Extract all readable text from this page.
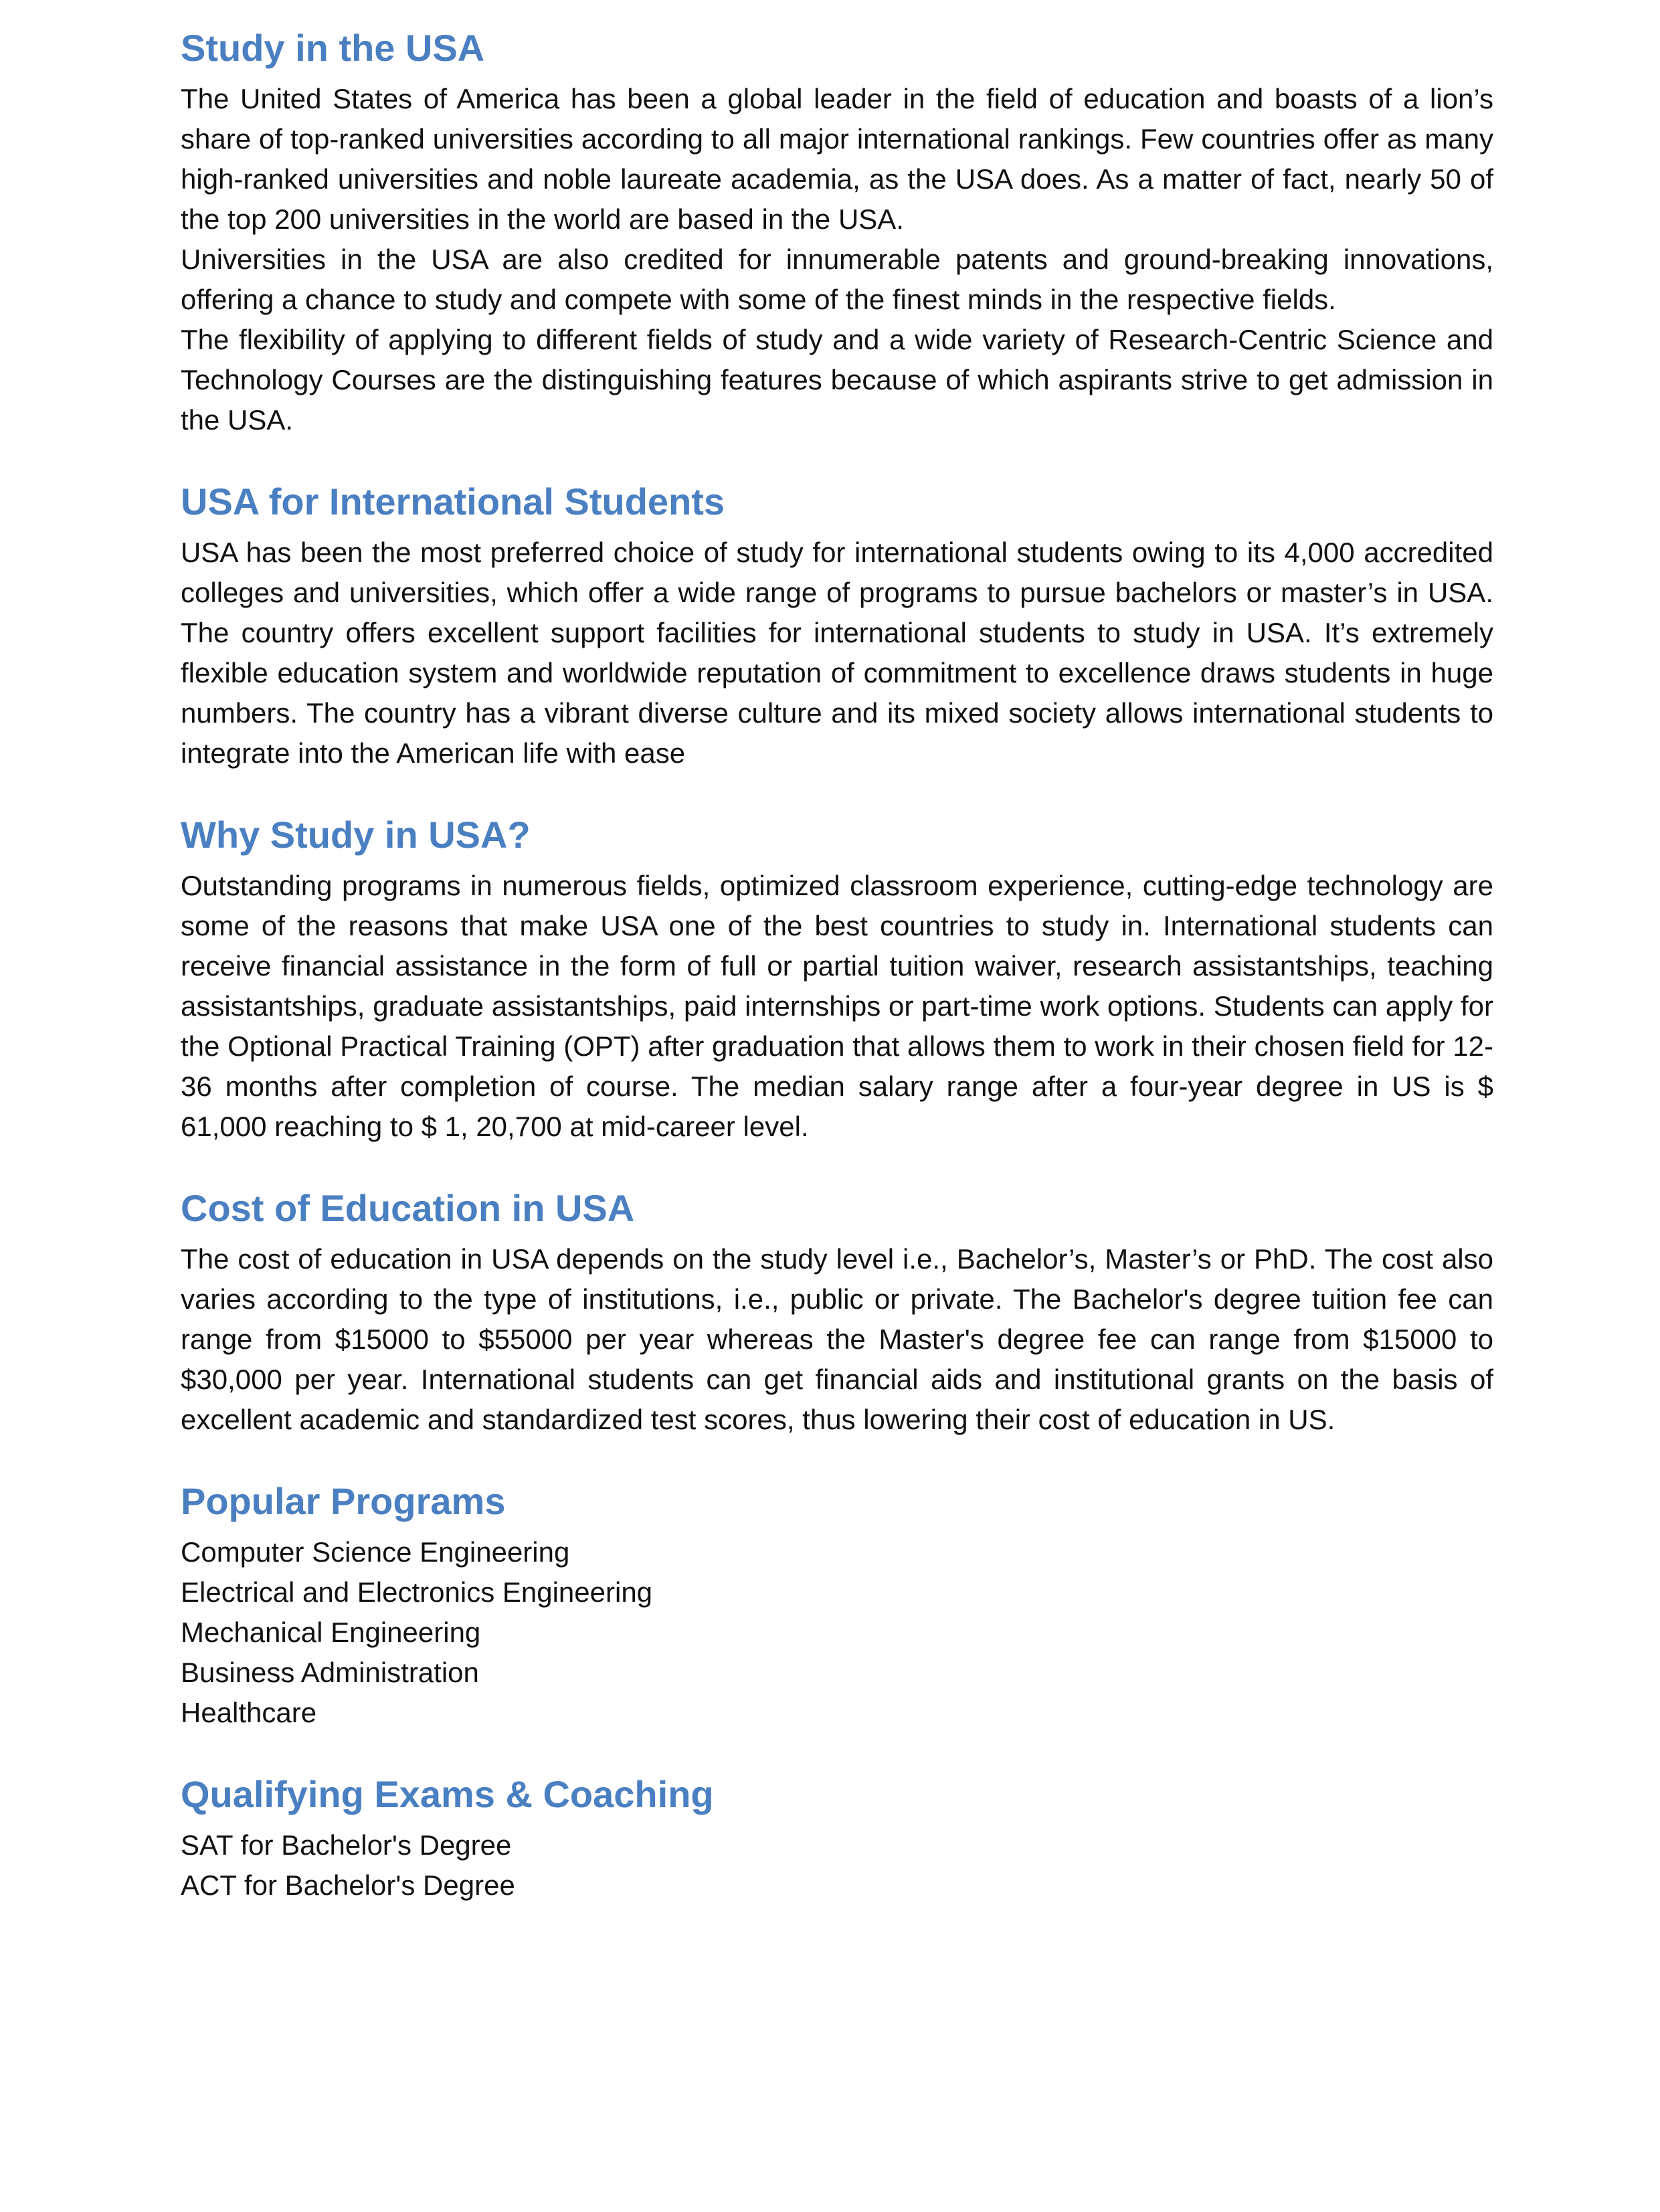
Study in the USA

The United States of America has been a global leader in the field of education and boasts of a lion’s share of top-ranked universities according to all major international rankings. Few countries offer as many high-ranked universities and noble laureate academia, as the USA does. As a matter of fact, nearly 50 of the top 200 universities in the world are based in the USA.

Universities in the USA are also credited for innumerable patents and ground-breaking innovations, offering a chance to study and compete with some of the finest minds in the respective fields.

The flexibility of applying to different fields of study and a wide variety of Research-Centric Science and Technology Courses are the distinguishing features because of which aspirants strive to get admission in the USA.

USA for International Students

USA has been the most preferred choice of study for international students owing to its 4,000 accredited colleges and universities, which offer a wide range of programs to pursue bachelors or master’s in USA. The country offers excellent support facilities for international students to study in USA. It’s extremely flexible education system and worldwide reputation of commitment to excellence draws students in huge numbers. The country has a vibrant diverse culture and its mixed society allows international students to integrate into the American life with ease

Why Study in USA?

Outstanding programs in numerous fields, optimized classroom experience, cutting-edge technology are some of the reasons that make USA one of the best countries to study in. International students can receive financial assistance in the form of full or partial tuition waiver, research assistantships, teaching assistantships, graduate assistantships, paid internships or part-time work options. Students can apply for the Optional Practical Training (OPT) after graduation that allows them to work in their chosen field for 12-36 months after completion of course. The median salary range after a four-year degree in US is $ 61,000 reaching to $ 1, 20,700 at mid-career level.

Cost of Education in USA

The cost of education in USA depends on the study level i.e., Bachelor’s, Master’s or PhD. The cost also varies according to the type of institutions, i.e., public or private. The Bachelor's degree tuition fee can range from $15000 to $55000 per year whereas the Master's degree fee can range from $15000 to $30,000 per year. International students can get financial aids and institutional grants on the basis of excellent academic and standardized test scores, thus lowering their cost of education in US.

Popular Programs
Computer Science Engineering
Electrical and Electronics Engineering
Mechanical Engineering
Business Administration
Healthcare
Qualifying Exams & Coaching
SAT for Bachelor's Degree
ACT for Bachelor's Degree
